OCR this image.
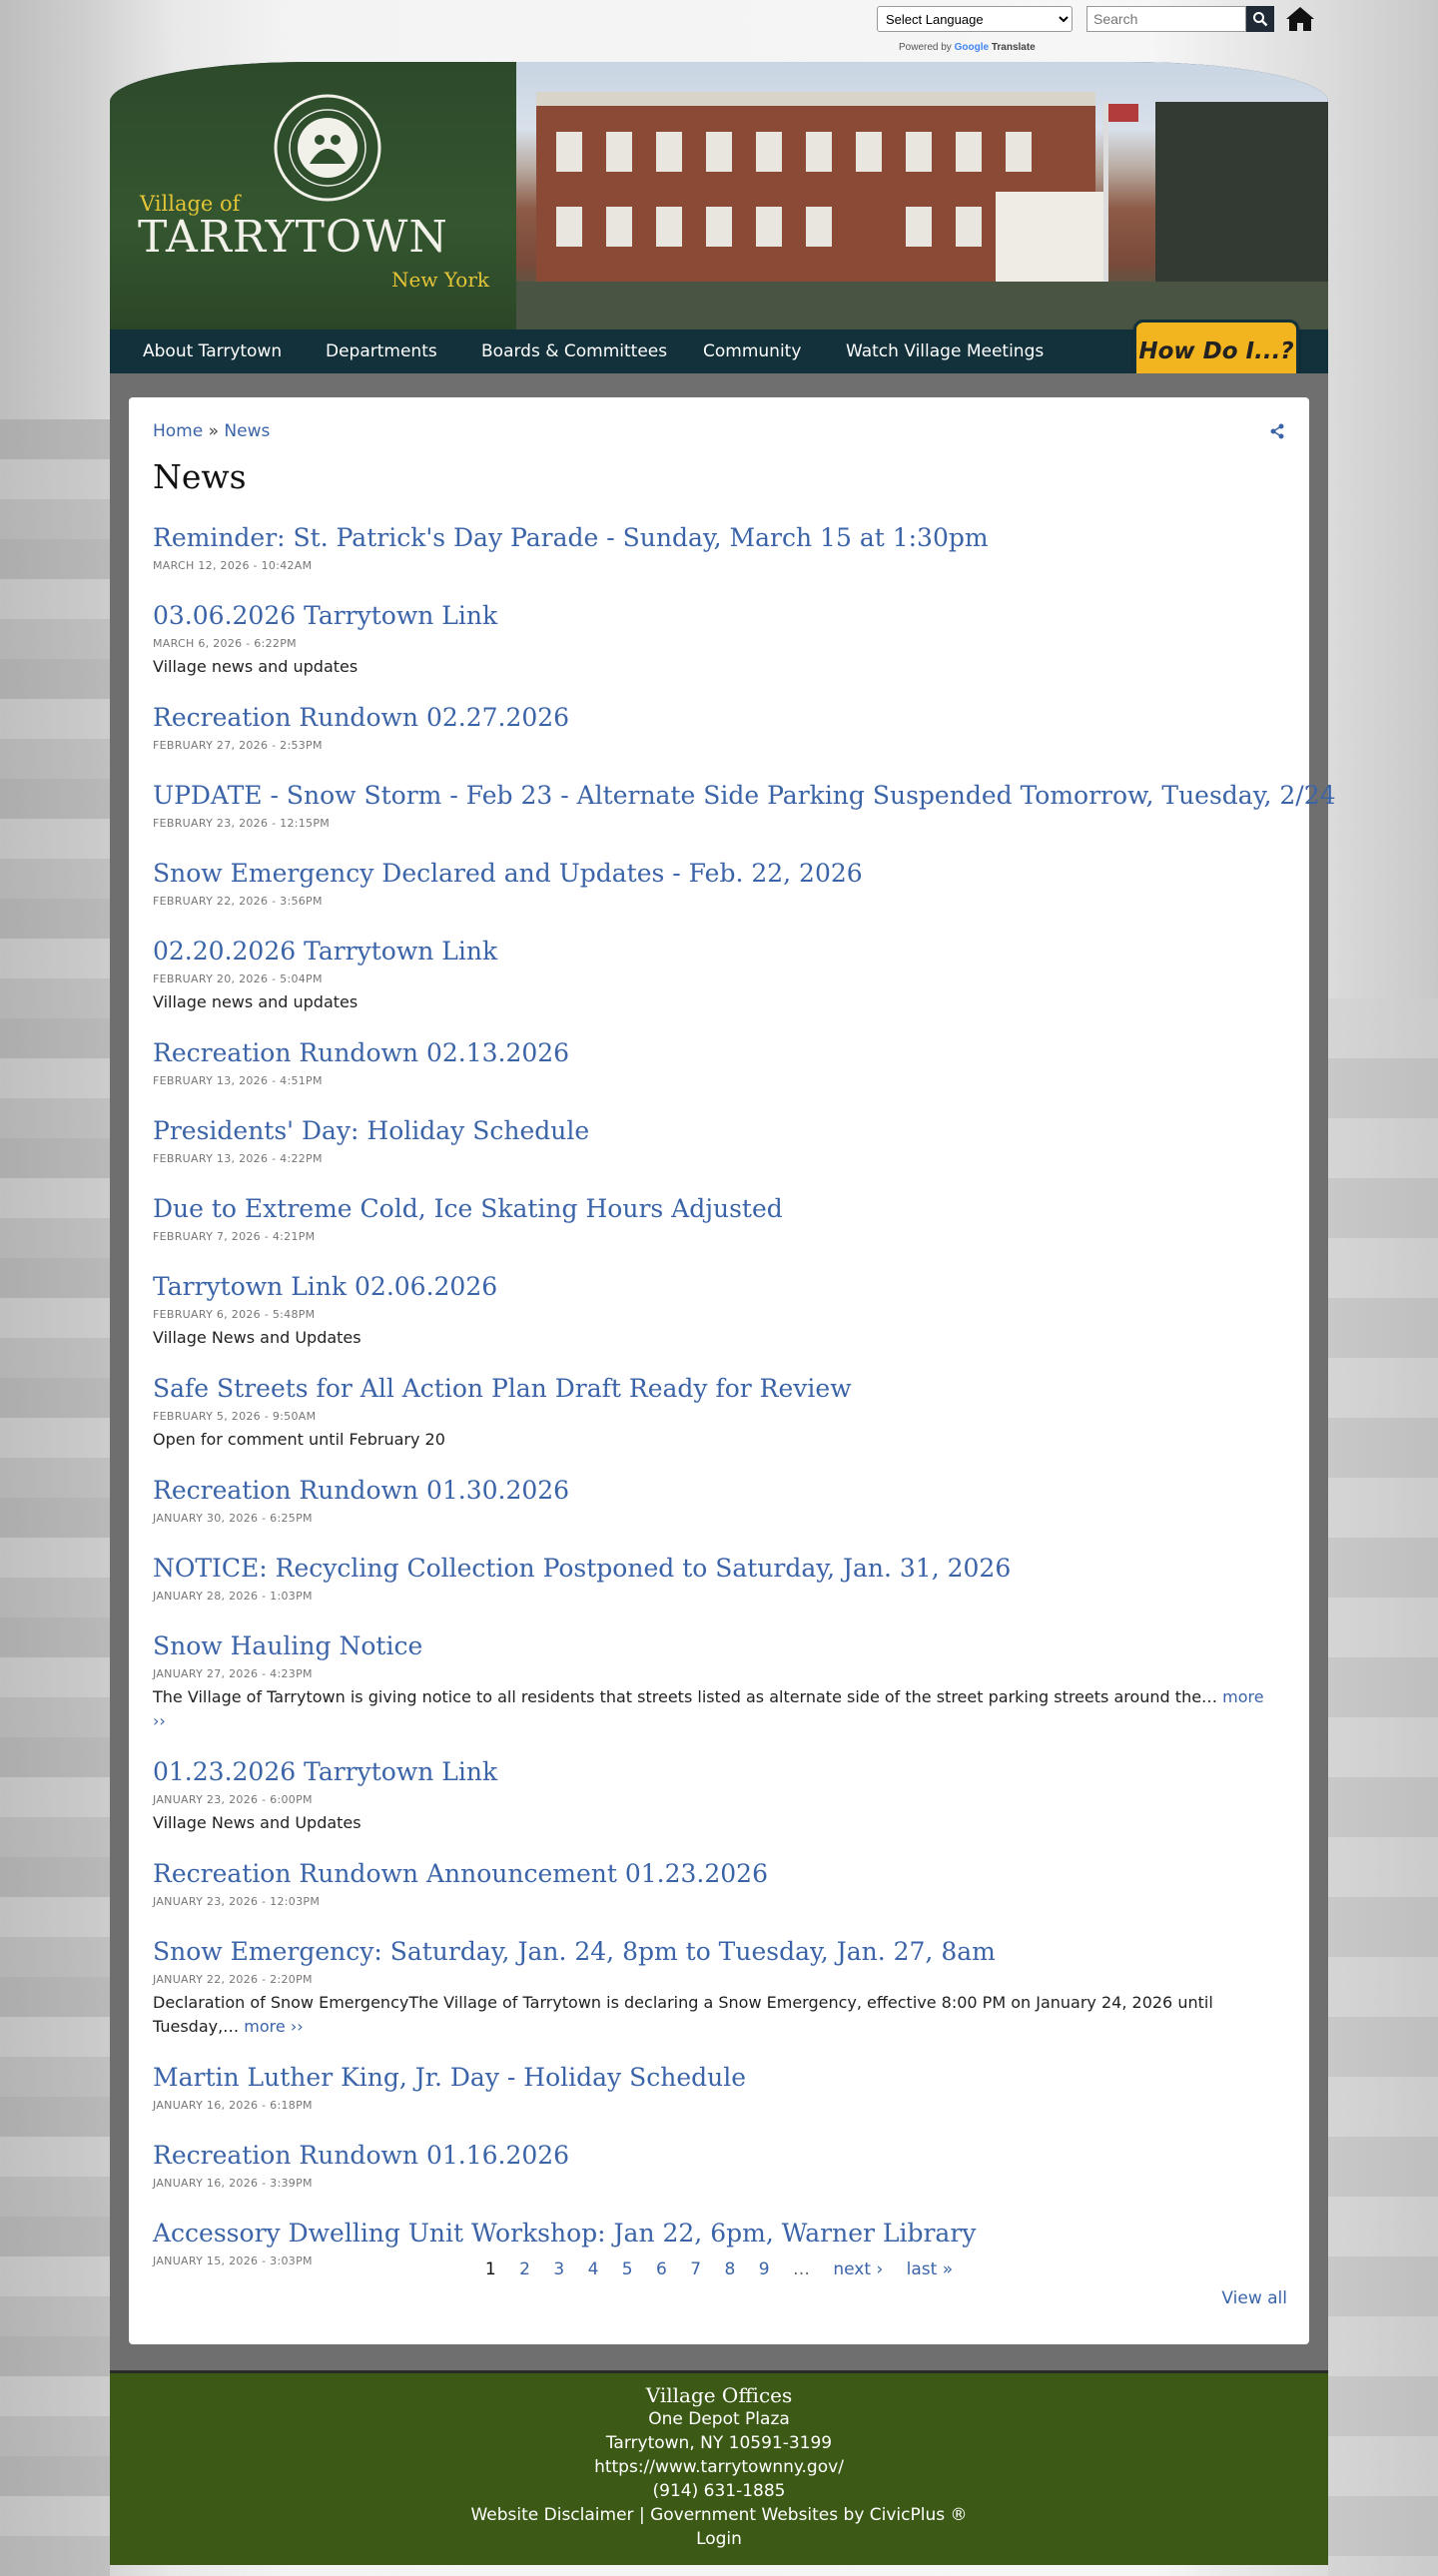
Select Language
Powered by Google Translate
Search
Village of
TARRYTOWN
New York
About Tarrytown	Departments	Boards & Committees Community	Watch Village Meetings	How Do I...?
Home » News
News
Reminder: St. Patrick's Day Parade - Sunday, March 15 at 1:30pm
MARCH 12, 2026 - 10:42AM
03.06.2026 Tarrytown Link
MARCH 6, 2026 - 6:22PM
Village news and updates
Recreation Rundown 02.27.2026
FEBRUARY 27, 2026 - 2:53PM
UPDATE - Snow Storm - Feb 23 - Alternate Side Parking Suspended Tomorrow, Tuesday, 2/24
FEBRUARY 23, 2026 - 12:15PM
Snow Emergency Declared and Updates - Feb. 22, 2026
FEBRUARY 22, 2026 - 3:56PM
02.20.2026 Tarrytown Link
FEBRUARY 20, 2026 - 5:04PM
Village news and updates
Recreation Rundown 02.13.2026
FEBRUARY 13, 2026 - 4:51PM
Presidents' Day: Holiday Schedule
FEBRUARY 13, 2026 - 4:22PM
Due to Extreme Cold, Ice Skating Hours Adjusted
FEBRUARY 7, 2026 - 4:21PM
Tarrytown Link 02.06.2026
FEBRUARY 6, 2026 - 5:48PM
Village News and Updates
Safe Streets for All Action Plan Draft Ready for Review
FEBRUARY 5, 2026 - 9:50AM
Open for comment until February 20
Recreation Rundown 01.30.2026
JANUARY 30, 2026 - 6:25PM
NOTICE: Recycling Collection Postponed to Saturday, Jan. 31, 2026
JANUARY 28, 2026 - 1:03PM
Snow Hauling Notice
JANUARY 27, 2026 - 4:23PM
The Village of Tarrytown is giving notice to all residents that streets listed as alternate side of the street parking streets around the… more ››
01.23.2026 Tarrytown Link
JANUARY 23, 2026 - 6:00PM
Village News and Updates
Recreation Rundown Announcement 01.23.2026
JANUARY 23, 2026 - 12:03PM
Snow Emergency: Saturday, Jan. 24, 8pm to Tuesday, Jan. 27, 8am
JANUARY 22, 2026 - 2:20PM
Declaration of Snow EmergencyThe Village of Tarrytown is declaring a Snow Emergency, effective 8:00 PM on January 24, 2026 until Tuesday,… more ››
Martin Luther King, Jr. Day - Holiday Schedule
JANUARY 16, 2026 - 6:18PM
Recreation Rundown 01.16.2026
JANUARY 16, 2026 - 3:39PM
Accessory Dwelling Unit Workshop: Jan 22, 6pm, Warner Library
JANUARY 15, 2026 - 3:03PM	1 2 3 4 5 6 7 8 9 … next › last »
View all
Village Offices
One Depot Plaza
Tarrytown, NY 10591-3199
https://www.tarrytownny.gov/
(914) 631-1885
Website Disclaimer | Government Websites by CivicPlus ®
Login
